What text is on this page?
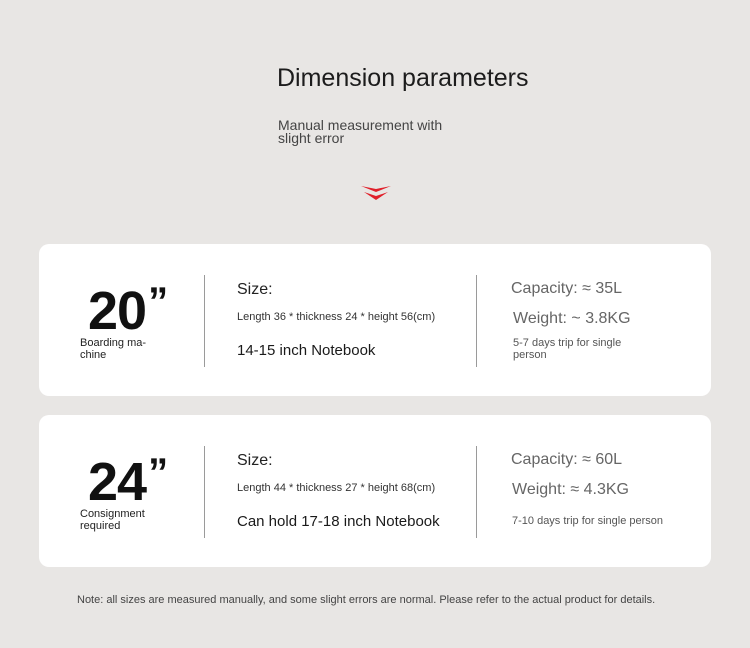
Dimension parameters
Manual measurement with slight error
20”
Boarding ma-chine
Size:
Length 36 * thickness 24 * height 56(cm)
14-15 inch Notebook
Capacity: ≈ 35L
Weight: ~ 3.8KG
5-7 days trip for single person
24”
Consignment required
Size:
Length 44 * thickness 27 * height 68(cm)
Can hold 17-18 inch Notebook
Capacity: ≈ 60L
Weight: ≈ 4.3KG
7-10 days trip for single person
Note: all sizes are measured manually, and some slight errors are normal. Please refer to the actual product for details.
